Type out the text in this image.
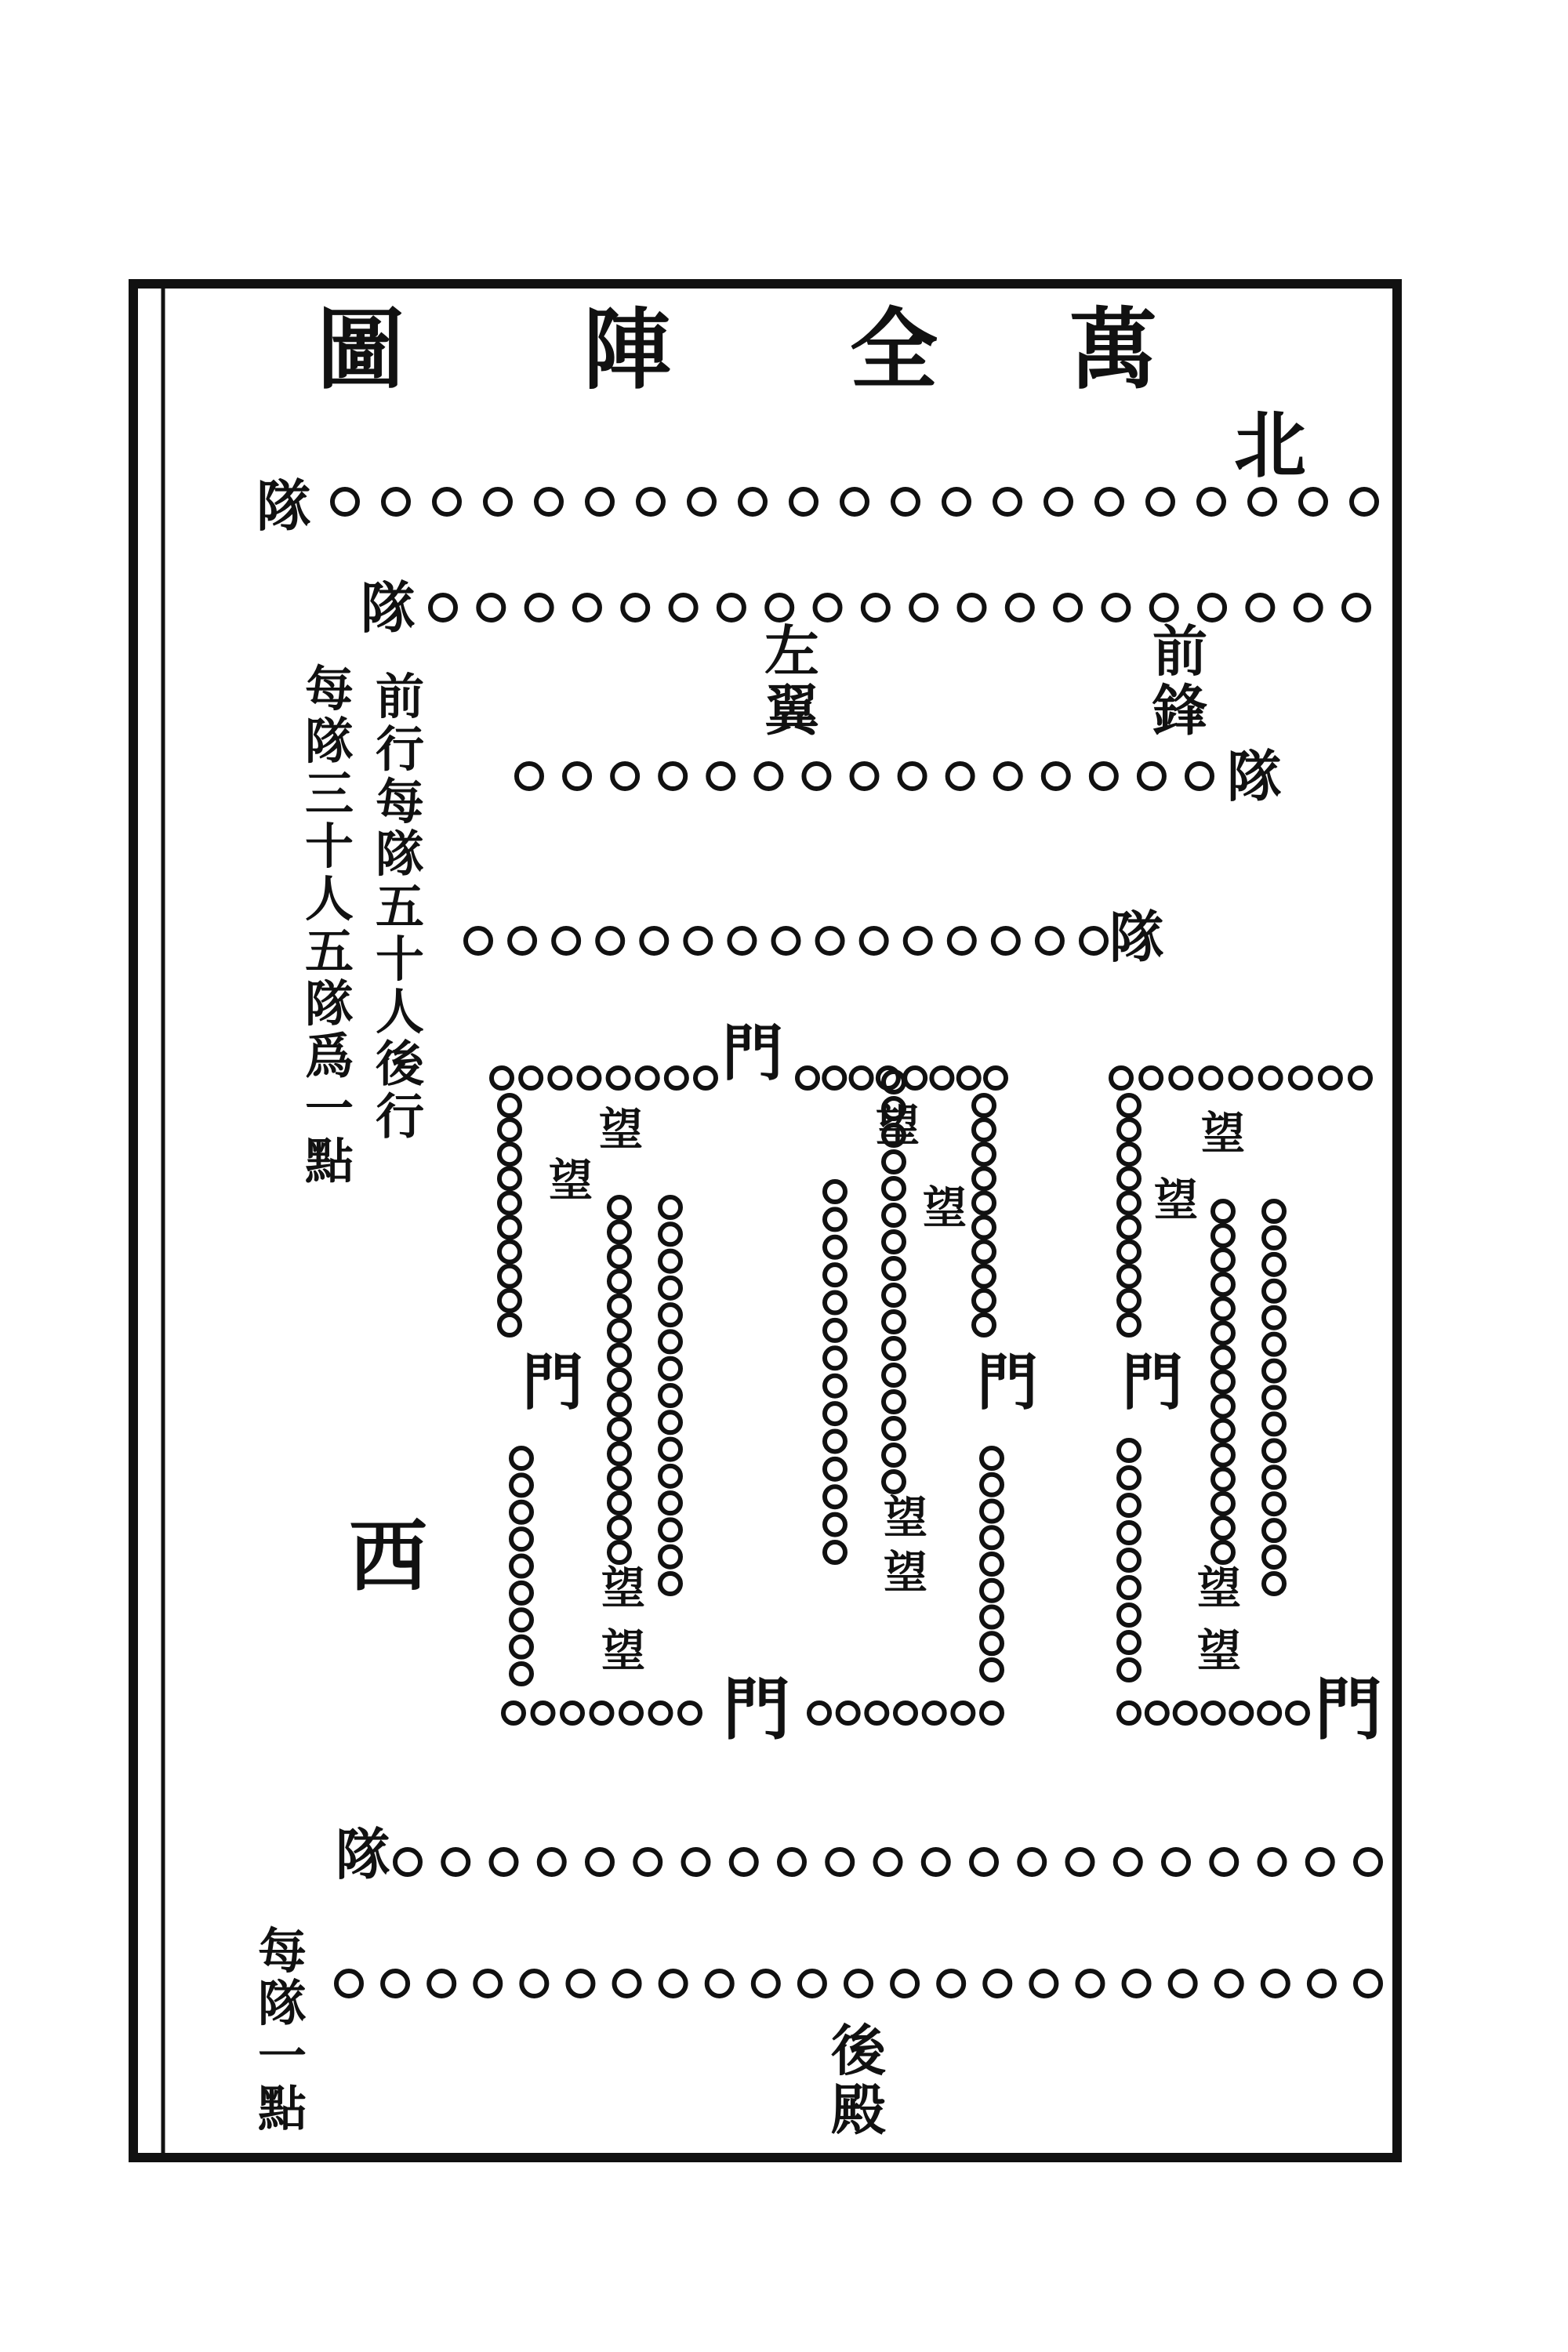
萬
全
陣
圖
北
西
隊
隊
隊
隊
隊
前行每隊五十人後行
每隊三十人五隊爲一點
每隊一點
左翼
前鋒
後殿
門
門	門 門
門	門
望
望
望
望
望
望
望
望
望
望
望
望
